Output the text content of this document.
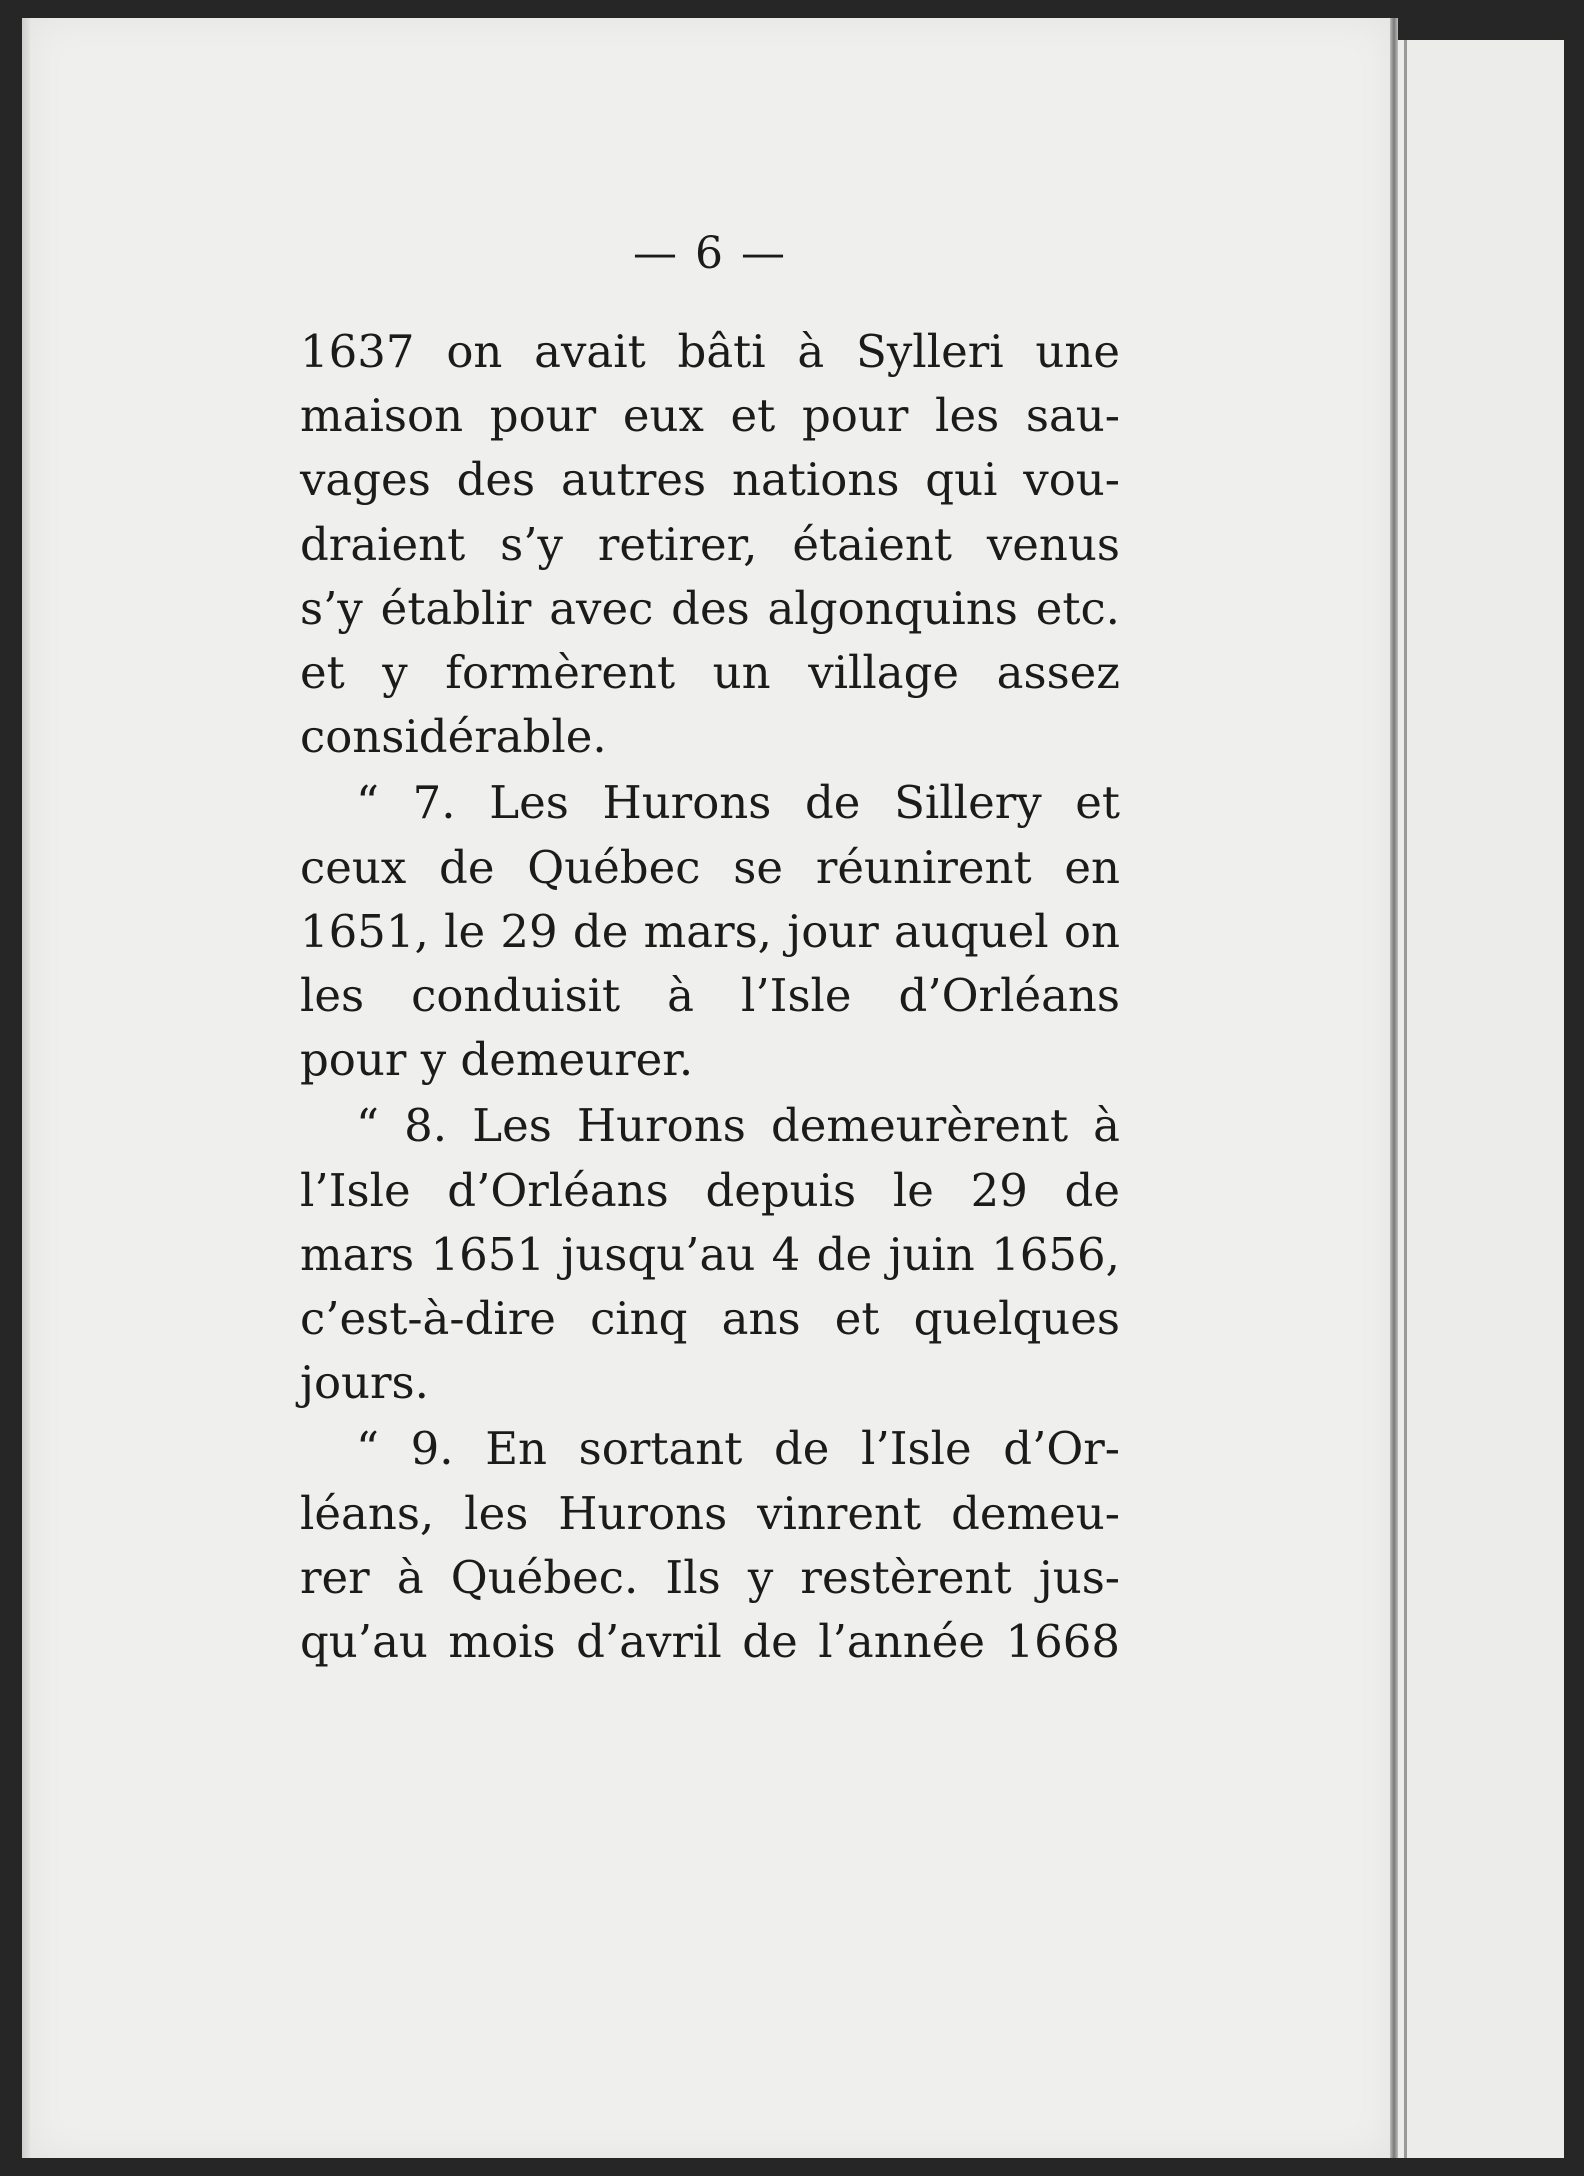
— 6 —

1637 on avait bâti à Sylleri une
maison pour eux et pour les sau-
vages des autres nations qui vou-
draient s’y retirer, étaient venus
s’y établir avec des algonquins etc.
et y formèrent un village assez
considérable.

“ 7. Les Hurons de Sillery et
ceux de Québec se réunirent en
1651, le 29 de mars, jour auquel on
les conduisit à l’Isle d’Orléans
pour y demeurer.

“ 8. Les Hurons demeurèrent à
l’Isle d’Orléans depuis le 29 de
mars 1651 jusqu’au 4 de juin 1656,
c’est-à-dire cinq ans et quelques
jours.

“ 9. En sortant de l’Isle d’Or-
léans, les Hurons vinrent demeu-
rer à Québec. Ils y restèrent jus-
qu’au mois d’avril de l’année 1668
